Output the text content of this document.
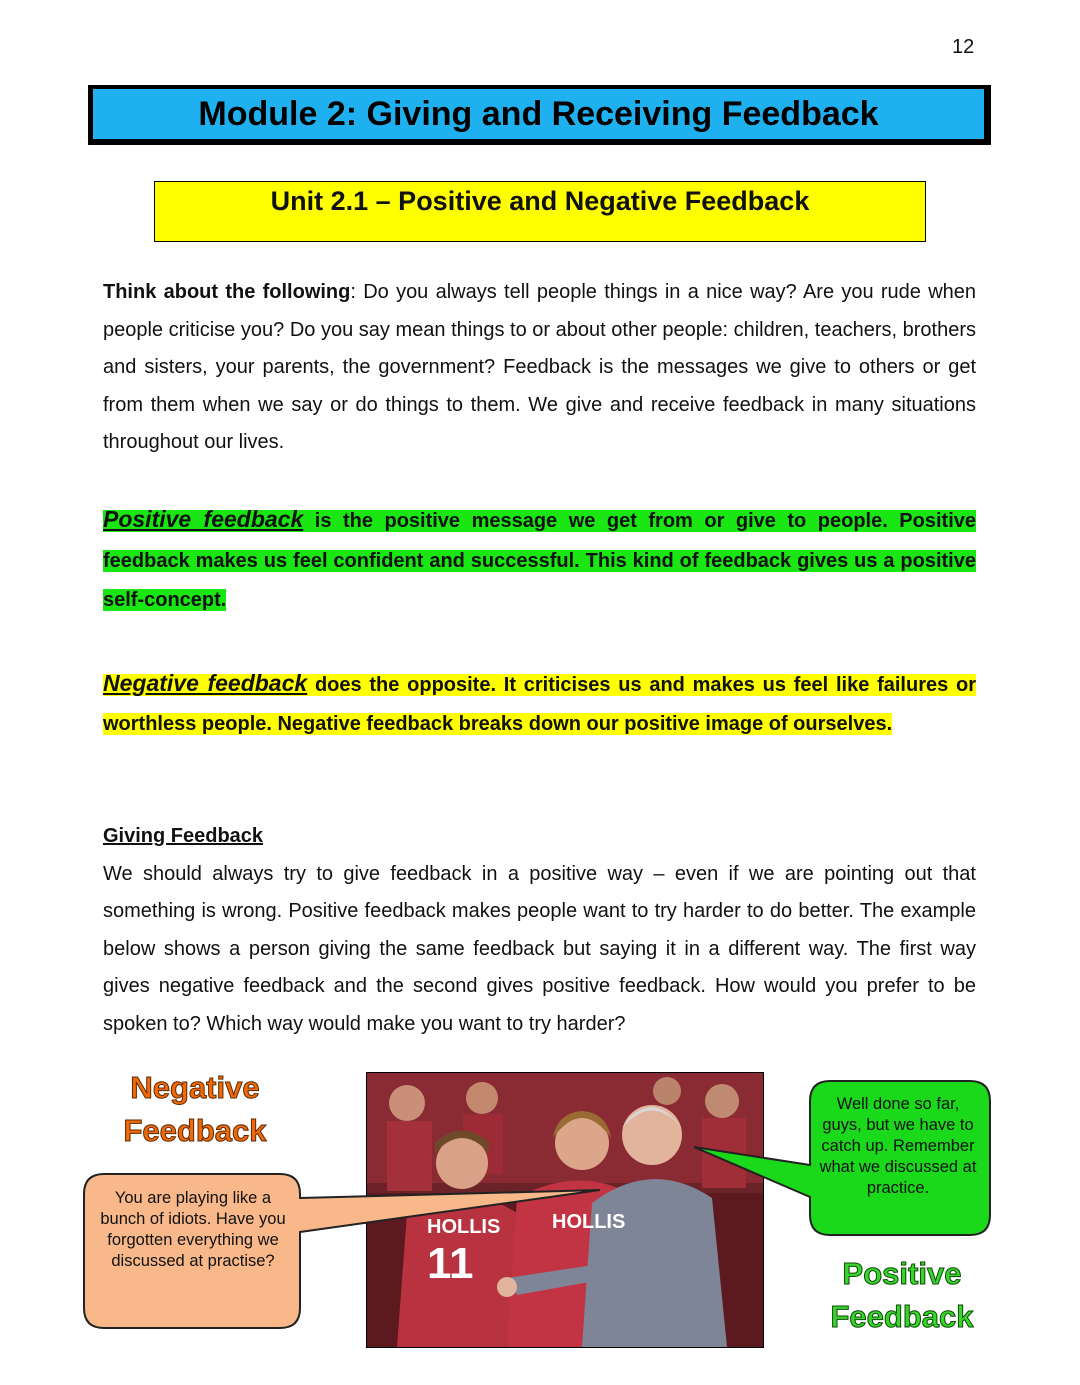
12
Module 2: Giving and Receiving Feedback
Unit 2.1 – Positive and Negative Feedback
Think about the following: Do you always tell people things in a nice way? Are you rude when people criticise you? Do you say mean things to or about other people: children, teachers, brothers and sisters, your parents, the government? Feedback is the messages we give to others or get from them when we say or do things to them. We give and receive feedback in many situations throughout our lives.
Positive feedback is the positive message we get from or give to people. Positive feedback makes us feel confident and successful. This kind of feedback gives us a positive self-concept.
Negative feedback does the opposite. It criticises us and makes us feel like failures or worthless people. Negative feedback breaks down our positive image of ourselves.
Giving Feedback
We should always try to give feedback in a positive way – even if we are pointing out that something is wrong. Positive feedback makes people want to try harder to do better. The example below shows a person giving the same feedback but saying it in a different way. The first way gives negative feedback and the second gives positive feedback. How would you prefer to be spoken to? Which way would make you want to try harder?
Negative
Feedback
Positive
Feedback
HOLLIS
11
HOLLIS
You are playing like a bunch of idiots. Have you forgotten everything we discussed at practise?
Well done so far, guys, but we have to catch up. Remember what we discussed at practice.
